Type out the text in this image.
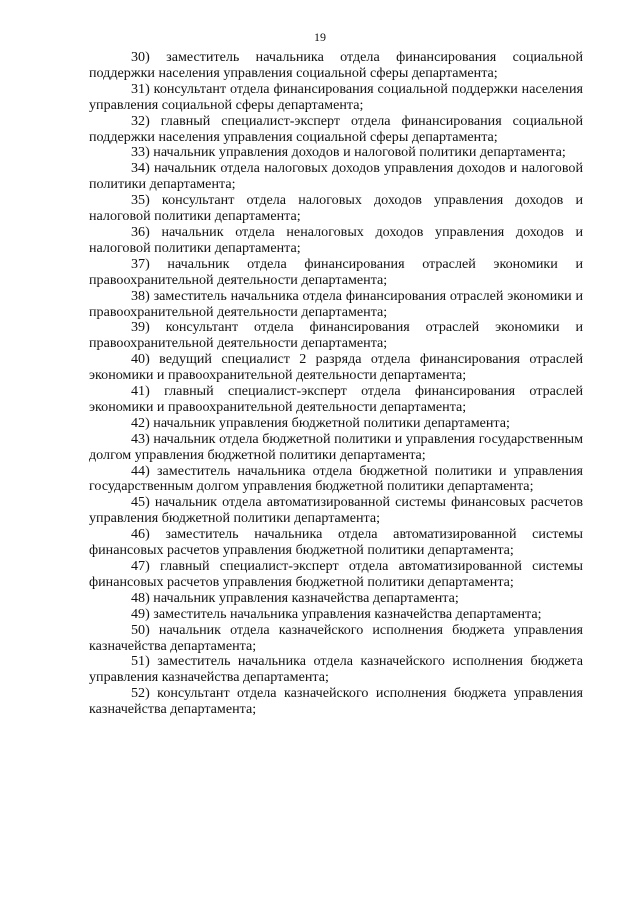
19

30) заместитель начальника отдела финансирования социальной поддержки населения управления социальной сферы департамента;

31) консультант отдела финансирования социальной поддержки населения управления социальной сферы департамента;

32) главный специалист-эксперт отдела финансирования социальной поддержки населения управления социальной сферы департамента;

33) начальник управления доходов и налоговой политики департамента;

34) начальник отдела налоговых доходов управления доходов и налоговой политики департамента;

35) консультант отдела налоговых доходов управления доходов и налоговой политики департамента;

36) начальник отдела неналоговых доходов управления доходов и налоговой политики департамента;

37) начальник отдела финансирования отраслей экономики и правоохранительной деятельности департамента;

38) заместитель начальника отдела финансирования отраслей экономики и правоохранительной деятельности департамента;

39) консультант отдела финансирования отраслей экономики и правоохранительной деятельности департамента;

40) ведущий специалист 2 разряда отдела финансирования отраслей экономики и правоохранительной деятельности департамента;

41) главный специалист-эксперт отдела финансирования отраслей экономики и правоохранительной деятельности департамента;

42) начальник управления бюджетной политики департамента;

43) начальник отдела бюджетной политики и управления государственным долгом управления бюджетной политики департамента;

44) заместитель начальника отдела бюджетной политики и управления государственным долгом управления бюджетной политики департамента;

45) начальник отдела автоматизированной системы финансовых расчетов управления бюджетной политики департамента;

46) заместитель начальника отдела автоматизированной системы финансовых расчетов управления бюджетной политики департамента;

47) главный специалист-эксперт отдела автоматизированной системы финансовых расчетов управления бюджетной политики департамента;

48) начальник управления казначейства департамента;

49) заместитель начальника управления казначейства департамента;

50) начальник отдела казначейского исполнения бюджета управления казначейства департамента;

51) заместитель начальника отдела казначейского исполнения бюджета управления казначейства департамента;

52) консультант отдела казначейского исполнения бюджета управления казначейства департамента;
